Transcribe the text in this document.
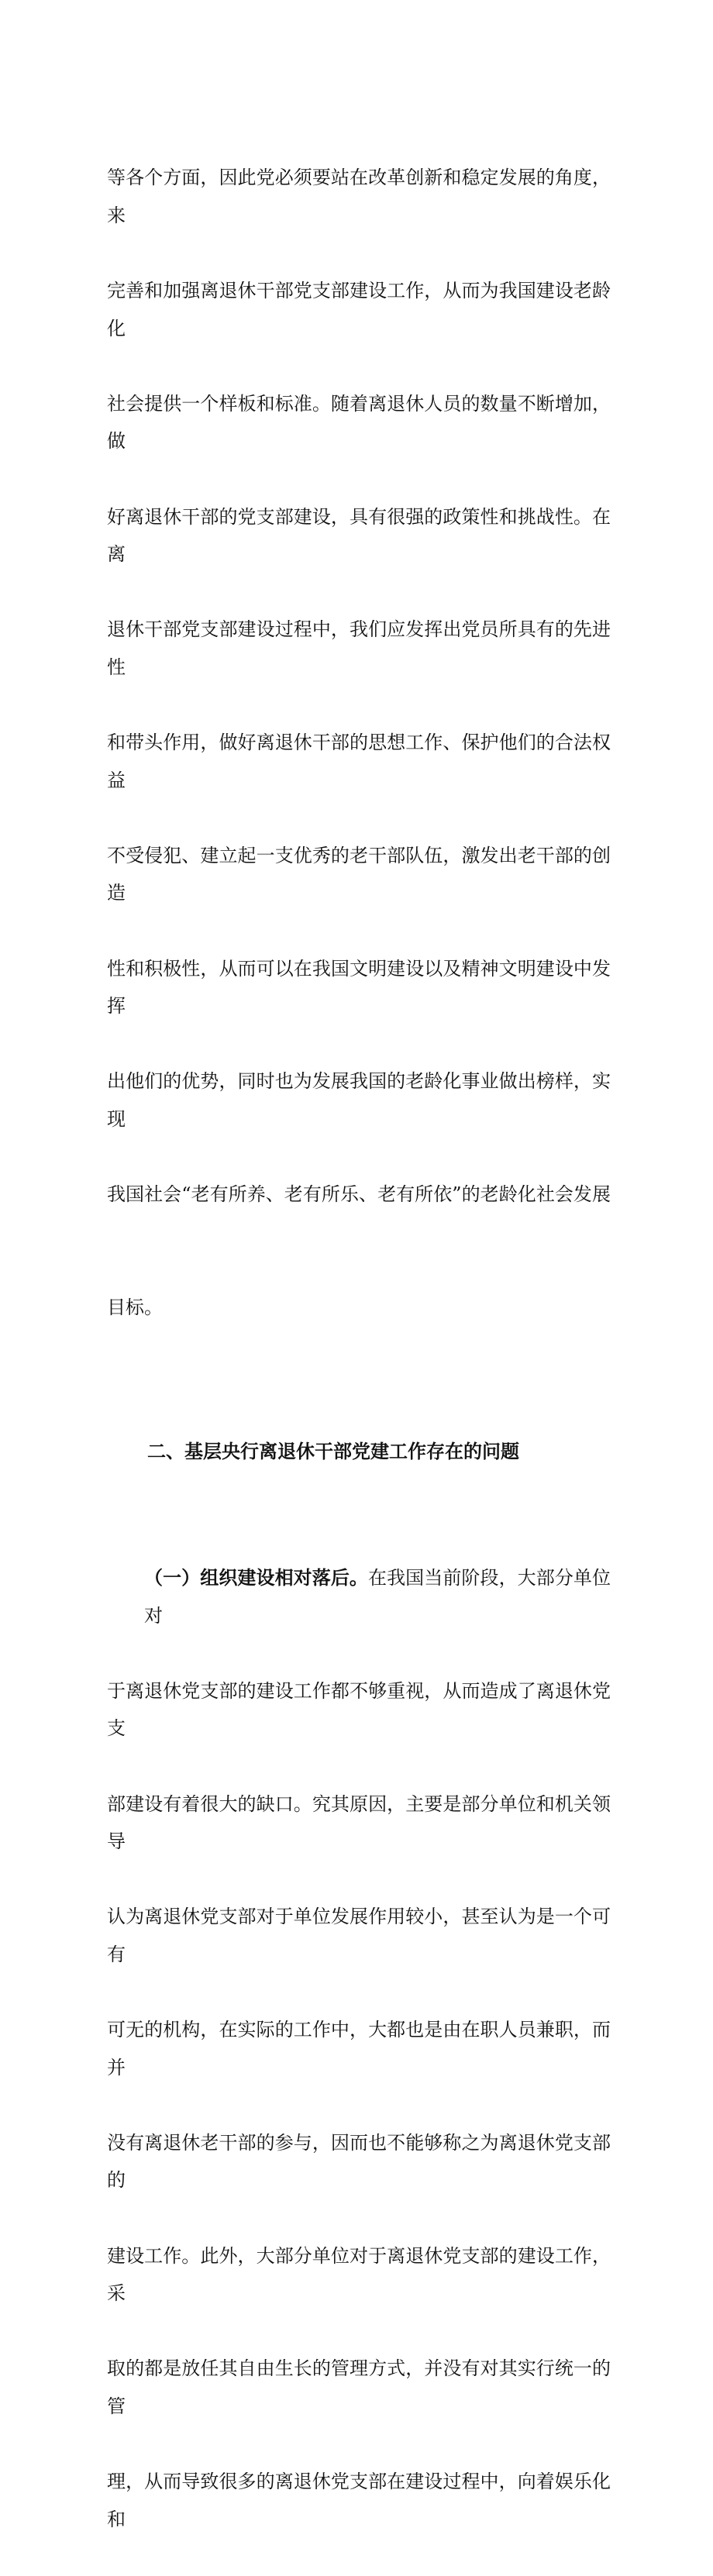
等各个方面，因此党必须要站在改革创新和稳定发展的角度，来

完善和加强离退休干部党支部建设工作，从而为我国建设老龄化

社会提供一个样板和标准。随着离退休人员的数量不断增加，做

好离退休干部的党支部建设，具有很强的政策性和挑战性。在离

退休干部党支部建设过程中，我们应发挥出党员所具有的先进性

和带头作用，做好离退休干部的思想工作、保护他们的合法权益

不受侵犯、建立起一支优秀的老干部队伍，激发出老干部的创造

性和积极性，从而可以在我国文明建设以及精神文明建设中发挥

出他们的优势，同时也为发展我国的老龄化事业做出榜样，实现

我国社会“老有所养、老有所乐、老有所依”的老龄化社会发展

目标。

二、基层央行离退休干部党建工作存在的问题

（一）组织建设相对落后。在我国当前阶段，大部分单位对

于离退休党支部的建设工作都不够重视，从而造成了离退休党支

部建设有着很大的缺口。究其原因，主要是部分单位和机关领导

认为离退休党支部对于单位发展作用较小，甚至认为是一个可有

可无的机构，在实际的工作中，大都也是由在职人员兼职，而并

没有离退休老干部的参与，因而也不能够称之为离退休党支部的

建设工作。此外，大部分单位对于离退休党支部的建设工作，采

取的都是放任其自由生长的管理方式，并没有对其实行统一的管

理，从而导致很多的离退休党支部在建设过程中，向着娱乐化和
